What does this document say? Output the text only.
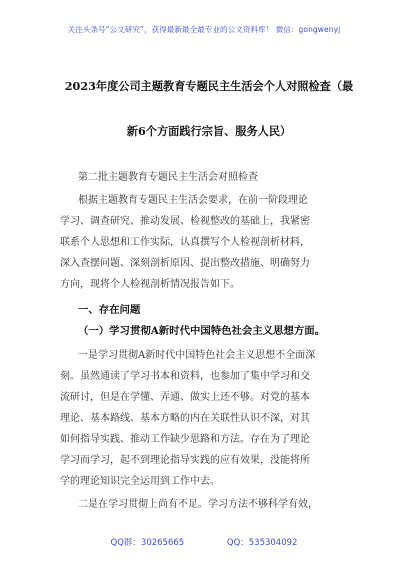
关注头条号“公文研究”，获得最新最全最专业的公文资料库！ 微信：gongwenyj
2023年度公司主题教育专题民主生活会个人对照检查（最
新6个方面践行宗旨、服务人民）
第二批主题教育专题民主生活会对照检查
根据主题教育专题民主生活会要求，在前一阶段理论
学习、调查研究、推动发展、检视整改的基础上，我紧密
联系个人思想和工作实际，认真撰写个人检视剖析材料，
深入查摆问题、深刻剖析原因、提出整改措施、明确努力
方向，现将个人检视剖析情况报告如下。
一、存在问题
（一）学习贯彻A新时代中国特色社会主义思想方面。
一是学习贯彻A新时代中国特色社会主义思想不全面深
刻。虽然通读了学习书本和资料，也参加了集中学习和交
流研讨，但是在学懂、弄通、做实上还不够。对党的基本
理论、基本路线、基本方略的内在关联性认识不深，对其
如何指导实践、推动工作缺少思路和方法。存在为了理论
学习而学习，起不到理论指导实践的应有效果，没能将所
学的理论知识完全运用到工作中去。
二是在学习贯彻上尚有不足。学习方法不够科学有效，
QQ群：30265665	QQ：535304092
